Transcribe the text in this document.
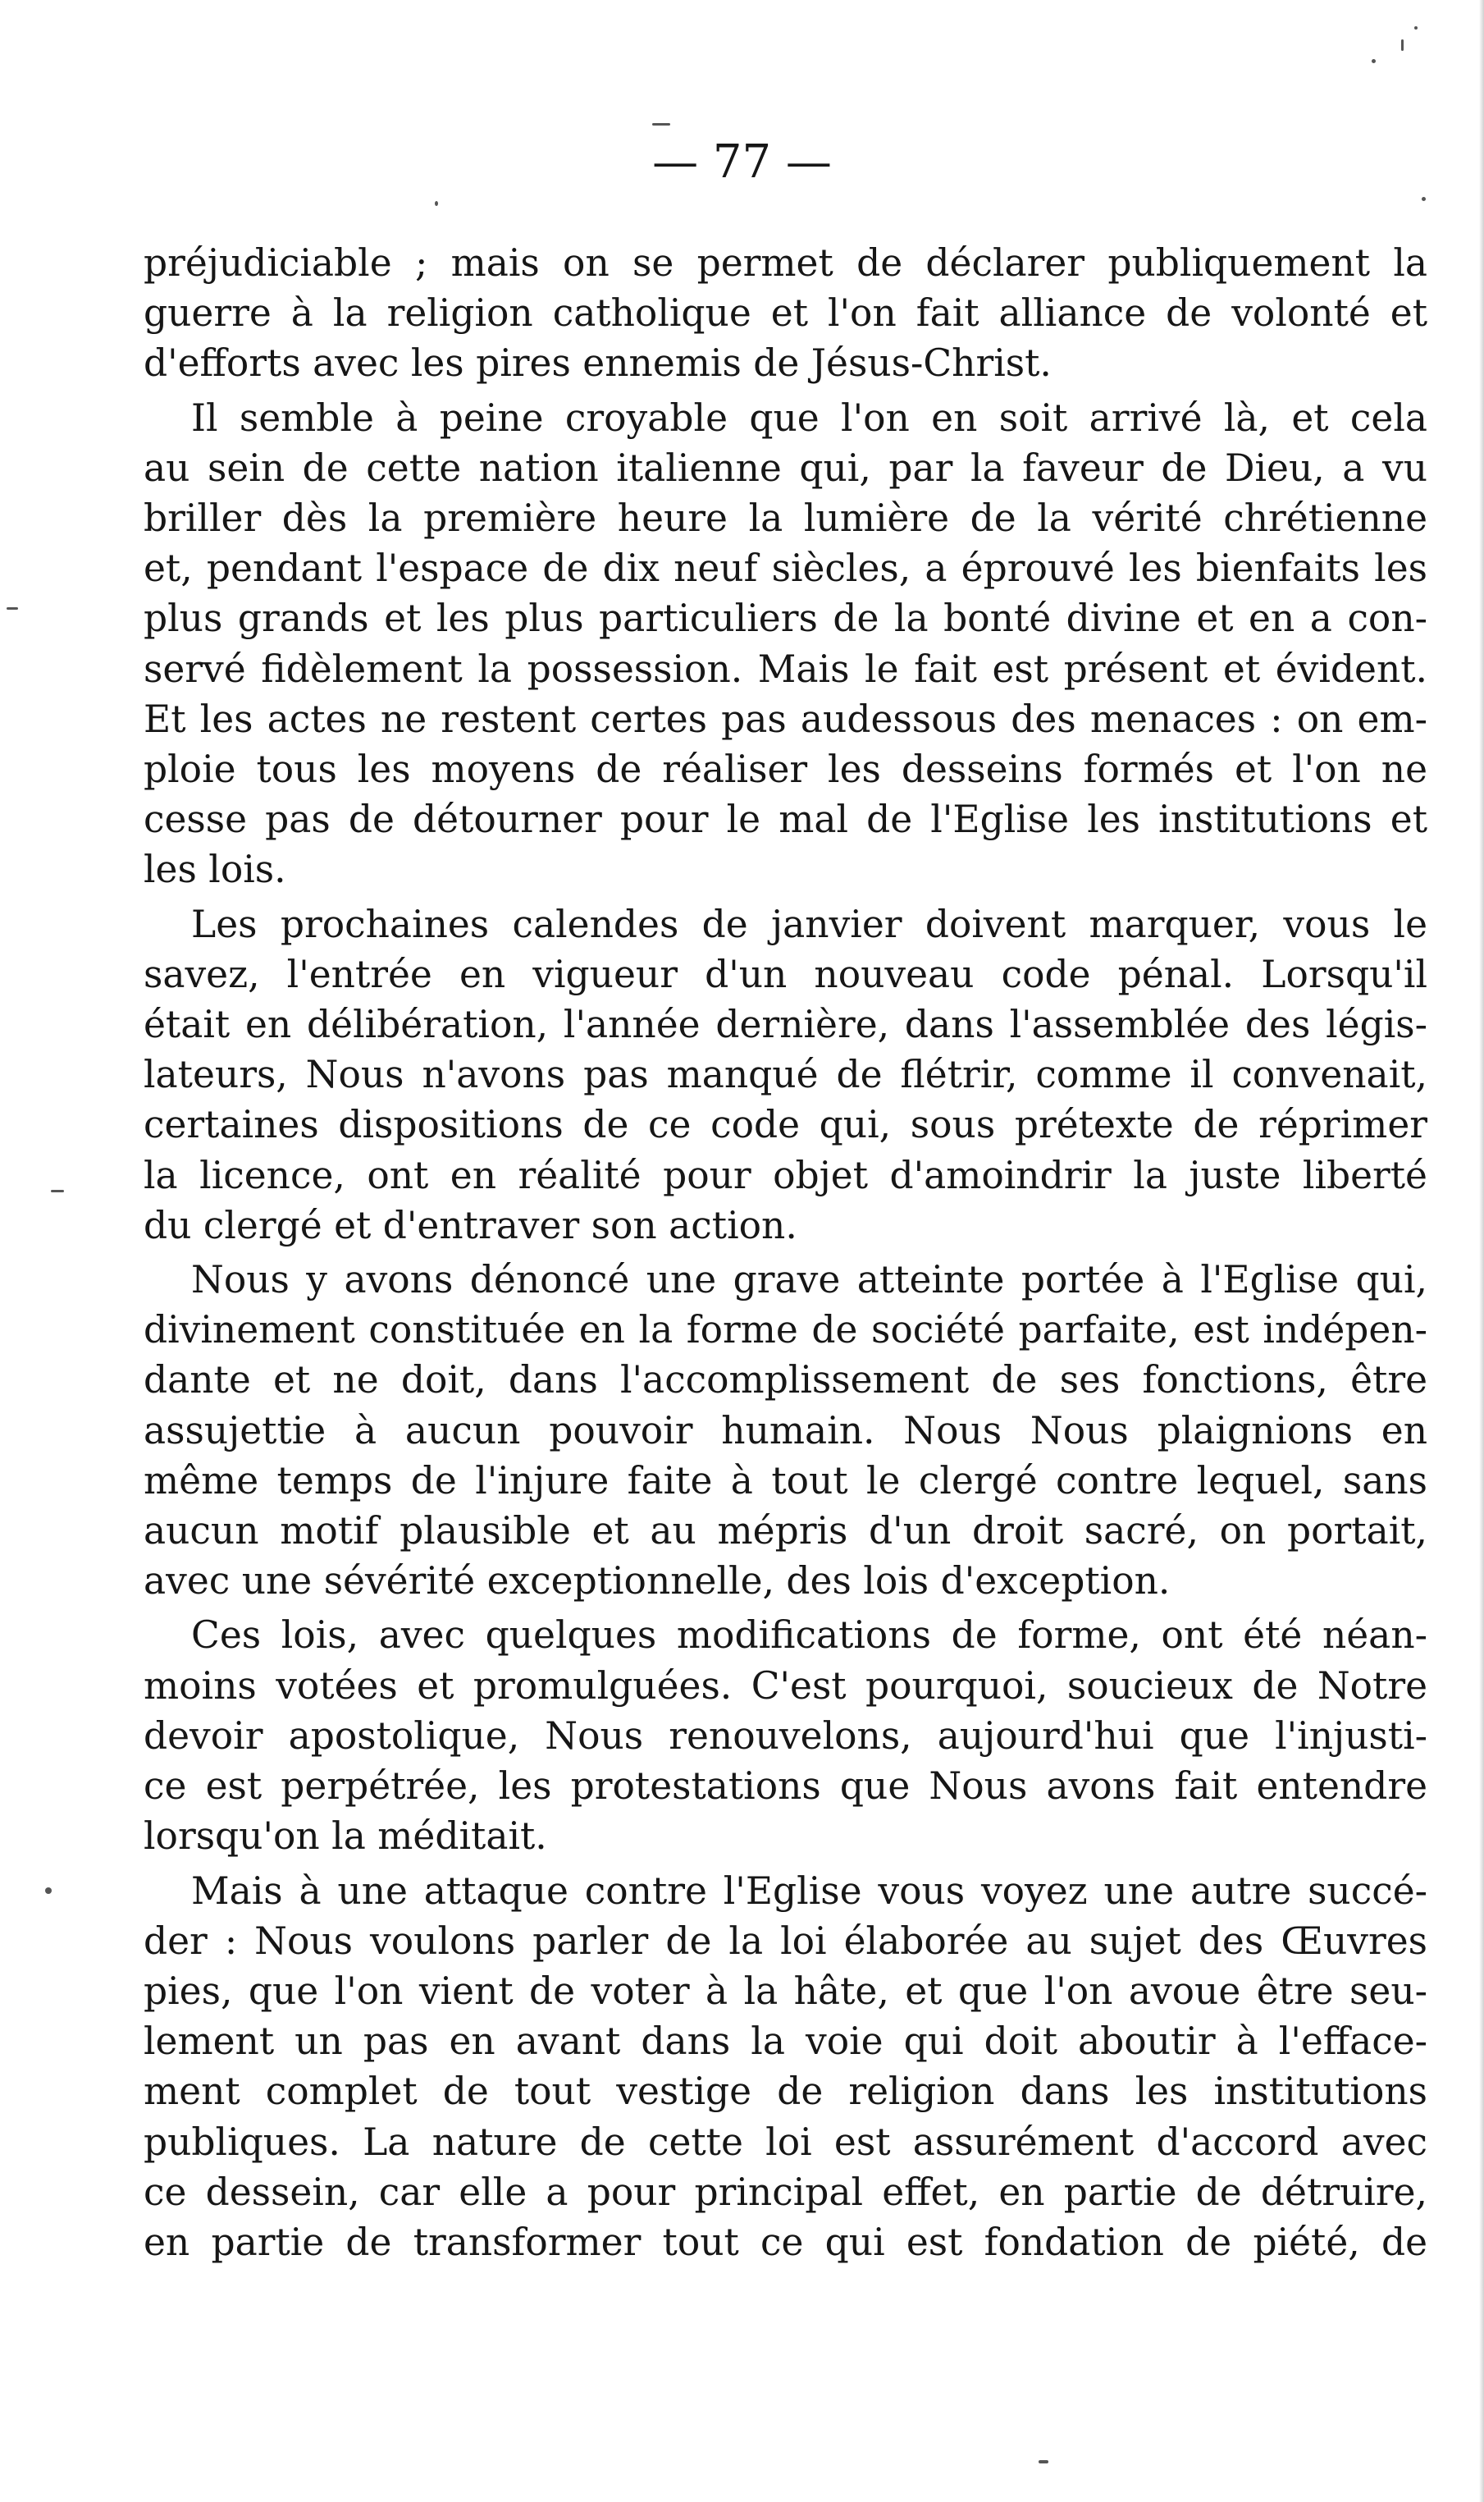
— 77 —
préjudiciable ; mais on se permet de déclarer publiquement la
guerre à la religion catholique et l'on fait alliance de volonté et
d'efforts avec les pires ennemis de Jésus-Christ.
Il semble à peine croyable que l'on en soit arrivé là, et cela
au sein de cette nation italienne qui, par la faveur de Dieu, a vu
briller dès la première heure la lumière de la vérité chrétienne
et, pendant l'espace de dix neuf siècles, a éprouvé les bienfaits les
plus grands et les plus particuliers de la bonté divine et en a con-
servé fidèlement la possession. Mais le fait est présent et évident.
Et les actes ne restent certes pas audessous des menaces : on em-
ploie tous les moyens de réaliser les desseins formés et l'on ne
cesse pas de détourner pour le mal de l'Eglise les institutions et
les lois.
Les prochaines calendes de janvier doivent marquer, vous le
savez, l'entrée en vigueur d'un nouveau code pénal. Lorsqu'il
était en délibération, l'année dernière, dans l'assemblée des légis-
lateurs, Nous n'avons pas manqué de flétrir, comme il convenait,
certaines dispositions de ce code qui, sous prétexte de réprimer
la licence, ont en réalité pour objet d'amoindrir la juste liberté
du clergé et d'entraver son action.
Nous y avons dénoncé une grave atteinte portée à l'Eglise qui,
divinement constituée en la forme de société parfaite, est indépen-
dante et ne doit, dans l'accomplissement de ses fonctions, être
assujettie à aucun pouvoir humain. Nous Nous plaignions en
même temps de l'injure faite à tout le clergé contre lequel, sans
aucun motif plausible et au mépris d'un droit sacré, on portait,
avec une sévérité exceptionnelle, des lois d'exception.
Ces lois, avec quelques modifications de forme, ont été néan-
moins votées et promulguées. C'est pourquoi, soucieux de Notre
devoir apostolique, Nous renouvelons, aujourd'hui que l'injusti-
ce est perpétrée, les protestations que Nous avons fait entendre
lorsqu'on la méditait.
Mais à une attaque contre l'Eglise vous voyez une autre succé-
der : Nous voulons parler de la loi élaborée au sujet des Œuvres
pies, que l'on vient de voter à la hâte, et que l'on avoue être seu-
lement un pas en avant dans la voie qui doit aboutir à l'efface-
ment complet de tout vestige de religion dans les institutions
publiques. La nature de cette loi est assurément d'accord avec
ce dessein, car elle a pour principal effet, en partie de détruire,
en partie de transformer tout ce qui est fondation de piété, de
